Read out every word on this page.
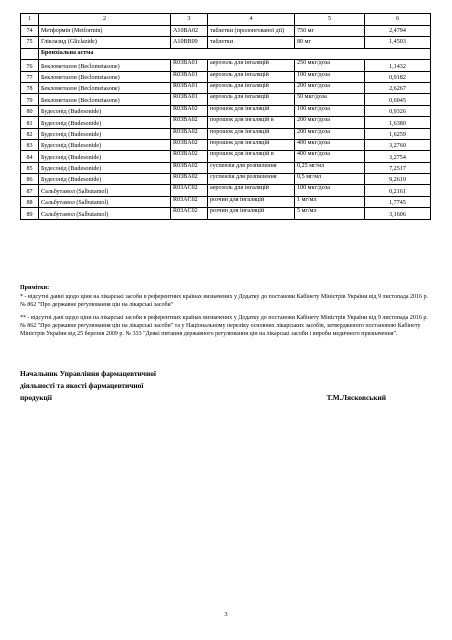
1	2	3	4	5	6
74	Метформін (Metformin)	A10BA02	таблетки (пролонгованої дії)	750 мг	2,4794
75	Гліклазид (Gliclazide)	A10BB09	таблетки	80 мг	1,4503
	Бронхіальна астма				
76	Беклометазон (Beclometasone)	R03BA01	аерозоль для інгаляцій	250 мкг/доза	1,1432
77	Беклометазон (Beclometasone)	R03BA01	аерозоль для інгаляцій	100 мкг/доза	0,9182
78	Беклометазон (Beclometasone)	R03BA01	аерозоль для інгаляцій	200 мкг/доза	2,6267
79	Беклометазон (Beclometasone)	R03BA01	аерозоль для інгаляцій	50 мкг/доза	0,6045
80	Будесонід (Budesonide)	R03BA02	порошок для інгаляцій	100 мкг/доза	0,9326
81	Будесонід (Budesonide)	R03BA02	порошок для інгаляцій в	200 мкг/доза	1,6380
82	Будесонід (Budesonide)	R03BA02	порошок для інгаляцій	200 мкг/доза	1,6259
83	Будесонід (Budesonide)	R03BA02	порошок для інгаляцій	400 мкг/доза	3,2760
84	Будесонід (Budesonide)	R03BA02	порошок для інгаляцій в	400 мкг/доза	3,2754
85	Будесонід (Budesonide)	R03BA02	суспензія для розпилення	0,25 мг/мл	7,2517
86	Будесонід (Budesonide)	R03BA02	суспензія для розпилення	0,5 мг/мл	9,2610
87	Сальбутамол (Salbutamol)	R03AC02	аерозоль для інгаляцій	100 мкг/доза	0,2161
88	Сальбутамол (Salbutamol)	R03AC02	розчин для інгаляцій	1 мг/мл	1,7745
89	Сальбутамол (Salbutamol)	R03AC02	розчин для інгаляцій	5 мг/мл	3,1606
Примітки:

* - відсутні данні щодо ціни на лікарські засоби в референтних країнах визначених у Додатку до постанови Кабінету Міністрів України від 9 листопада 2016 р. № 862 "Про державне регулювання цін на лікарські засоби"

** - відсутні дані щодо ціни на лікарські засоби в референтних країнах визначених у Додатку до постанови Кабінету Міністрів України від 9 листопада 2016 р. № 862 "Про державне регулювання цін на лікарські засоби" та у Національному переліку основних лікарських засобів, затвердженого постановою Кабінету Міністрів України від 25 березня 2009 р. № 333 "Деякі питання державного регулювання цін на лікарські засоби і вироби медичного призначення".

Начальник Управління фармацевтичної
діяльності та якості фармацевтичної
продукції	Т.М.Лясковський
3
